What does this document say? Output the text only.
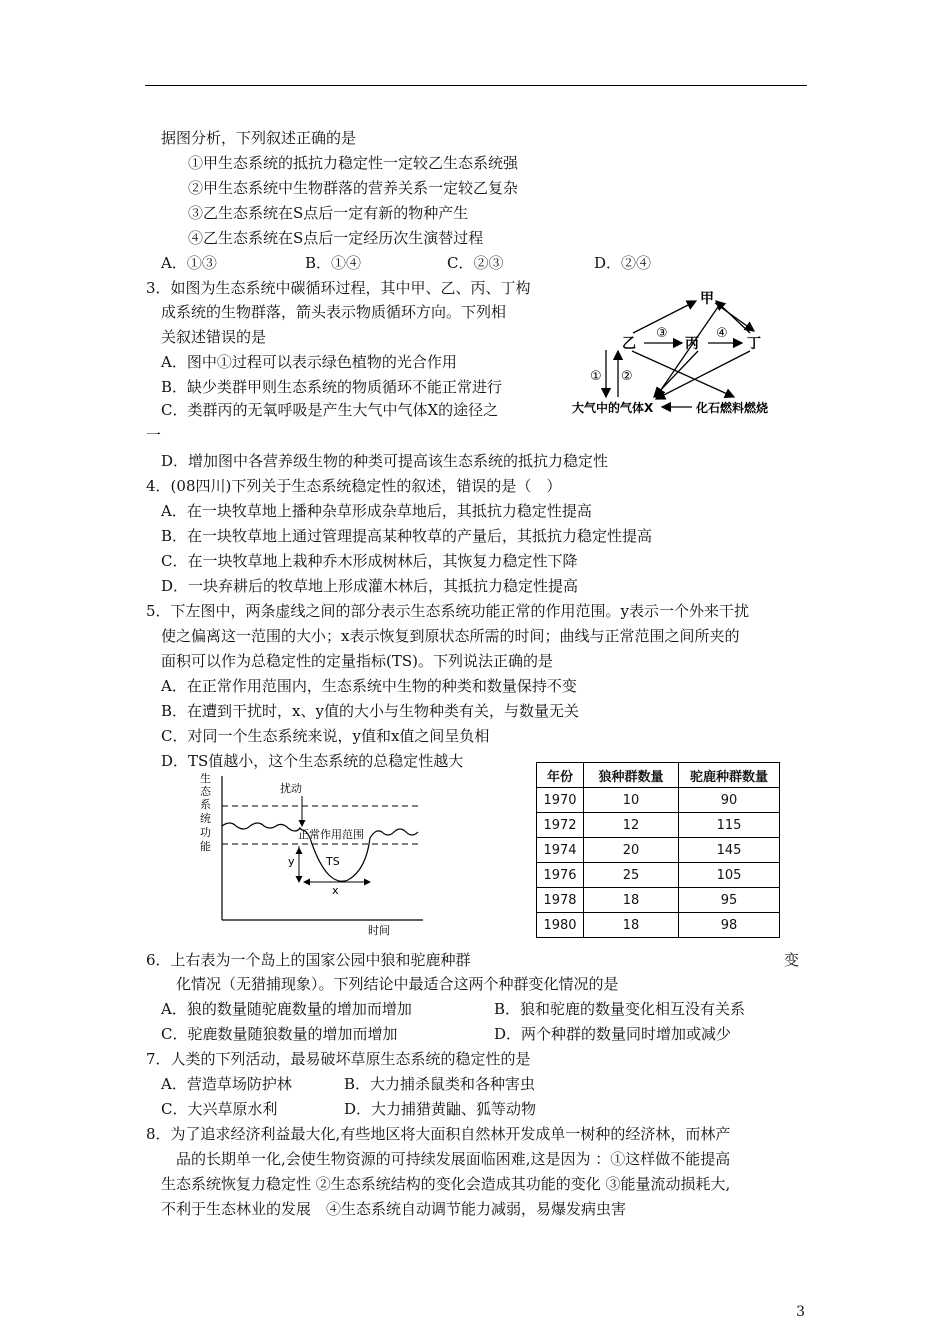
据图分析，下列叙述正确的是
①甲生态系统的抵抗力稳定性一定较乙生态系统强
②甲生态系统中生物群落的营养关系一定较乙复杂
③乙生态系统在S点后一定有新的物种产生
④乙生态系统在S点后一定经历次生演替过程
A．①③	B．①④	C．②③	D．②④
3．如图为生态系统中碳循环过程，其中甲、乙、丙、丁构
成系统的生物群落，箭头表示物质循环方向。下列相
关叙述错误的是
A．图中①过程可以表示绿色植物的光合作用
B．缺少类群甲则生态系统的物质循环不能正常进行
C．类群丙的无氧呼吸是产生大气中气体X的途径之
一
D．增加图中各营养级生物的种类可提高该生态系统的抵抗力稳定性
甲
乙	丙	丁
③	④
① ②
大气中的气体X	化石燃料燃烧
4．(08四川)下列关于生态系统稳定性的叙述，错误的是（　）
A．在一块牧草地上播种杂草形成杂草地后，其抵抗力稳定性提高
B．在一块牧草地上通过管理提高某种牧草的产量后，其抵抗力稳定性提高
C．在一块牧草地上栽种乔木形成树林后，其恢复力稳定性下降
D．一块弃耕后的牧草地上形成灌木林后，其抵抗力稳定性提高
5．下左图中，两条虚线之间的部分表示生态系统功能正常的作用范围。y表示一个外来干扰
使之偏离这一范围的大小；x表示恢复到原状态所需的时间；曲线与正常范围之间所夹的
面积可以作为总稳定性的定量指标(TS)。下列说法正确的是
A．在正常作用范围内，生态系统中生物的种类和数量保持不变
B．在遭到干扰时，x、y值的大小与生物种类有关，与数量无关
C．对同一个生态系统来说，y值和x值之间呈负相
D．TS值越小，这个生态系统的总稳定性越大
生
态
系
统
功
能
扰动
正常作用范围
y	TS
x
时间
年份	狼种群数量	驼鹿种群数量
1970	10	90
1972	12	115
1974	20	145
1976	25	105
1978	18	95
1980	18	98
6．上右表为一个岛上的国家公园中狼和驼鹿种群	变
化情况（无猎捕现象）。下列结论中最适合这两个种群变化情况的是
A．狼的数量随驼鹿数量的增加而增加	B．狼和驼鹿的数量变化相互没有关系
C．驼鹿数量随狼数量的增加而增加	D．两个种群的数量同时增加或减少
7．人类的下列活动，最易破坏草原生态系统的稳定性的是
A．营造草场防护林	B．大力捕杀鼠类和各种害虫
C．大兴草原水利	D．大力捕猎黄鼬、狐等动物
8．为了追求经济利益最大化,有些地区将大面积自然林开发成单一树种的经济林，而林产
品的长期单一化,会使生物资源的可持续发展面临困难,这是因为 ：①这样做不能提高
生态系统恢复力稳定性 ②生态系统结构的变化会造成其功能的变化 ③能量流动损耗大,
不利于生态林业的发展　④生态系统自动调节能力减弱，易爆发病虫害
3
